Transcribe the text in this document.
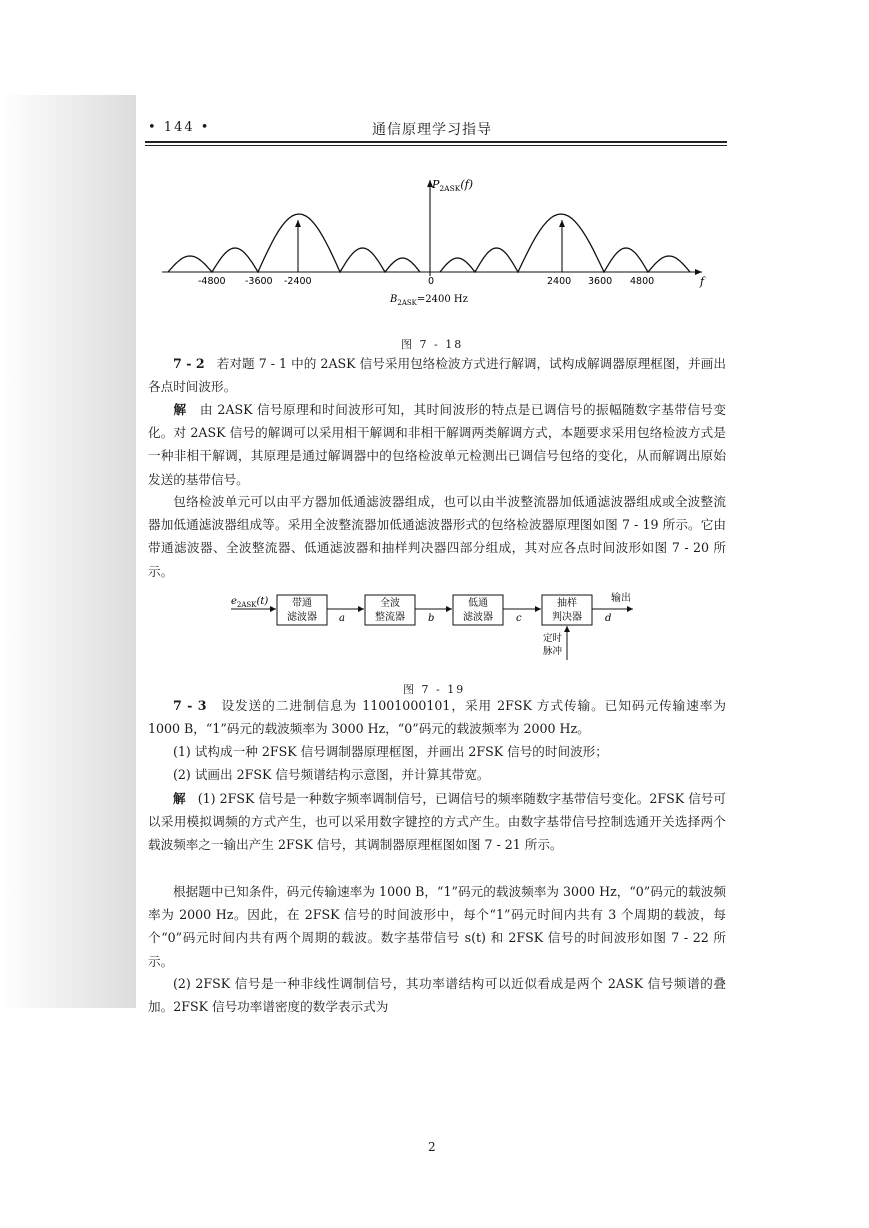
• 144 •	通信原理学习指导
$P_{2ASK}(f)$
f
-4800 -3600 -2400	0	2400 3600 4800
$B_{2ASK}=2400$ Hz
图 7 - 18

7 - 2 若对题 7 - 1 中的 2ASK 信号采用包络检波方式进行解调，试构成解调器原理框图，并画出各点时间波形。

解 由 2ASK 信号原理和时间波形可知，其时间波形的特点是已调信号的振幅随数字基带信号变化。对 2ASK 信号的解调可以采用相干解调和非相干解调两类解调方式，本题要求采用包络检波方式是一种非相干解调，其原理是通过解调器中的包络检波单元检测出已调信号包络的变化，从而解调出原始发送的基带信号。

包络检波单元可以由平方器加低通滤波器组成，也可以由半波整流器加低通滤波器组成或全波整流器加低通滤波器组成等。采用全波整流器加低通滤波器形式的包络检波器原理图如图 7 - 19 所示。它由带通滤波器、全波整流器、低通滤波器和抽样判决器四部分组成，其对应各点时间波形如图 7 - 20 所示。

$e_{2ASK}(t)$ 带通
滤波器
全波
整流器
低通
滤波器
抽样
判决器
输出
a	b	c	d
定时
脉冲
图 7 - 19

7 - 3 设发送的二进制信息为 11001000101，采用 2FSK 方式传输。已知码元传输速率为 1000 B，“1”码元的载波频率为 3000 Hz，“0”码元的载波频率为 2000 Hz。

(1) 试构成一种 2FSK 信号调制器原理框图，并画出 2FSK 信号的时间波形；

(2) 试画出 2FSK 信号频谱结构示意图，并计算其带宽。

解 (1) 2FSK 信号是一种数字频率调制信号，已调信号的频率随数字基带信号变化。2FSK 信号可以采用模拟调频的方式产生，也可以采用数字键控的方式产生。由数字基带信号控制选通开关选择两个载波频率之一输出产生 2FSK 信号，其调制器原理框图如图 7 - 21 所示。

根据题中已知条件，码元传输速率为 1000 B，“1”码元的载波频率为 3000 Hz，“0”码元的载波频率为 2000 Hz。因此，在 2FSK 信号的时间波形中，每个“1”码元时间内共有 3 个周期的载波，每个“0”码元时间内共有两个周期的载波。数字基带信号 s(t) 和 2FSK 信号的时间波形如图 7 - 22 所示。

(2) 2FSK 信号是一种非线性调制信号，其功率谱结构可以近似看成是两个 2ASK 信号频谱的叠加。2FSK 信号功率谱密度的数学表示式为

2
